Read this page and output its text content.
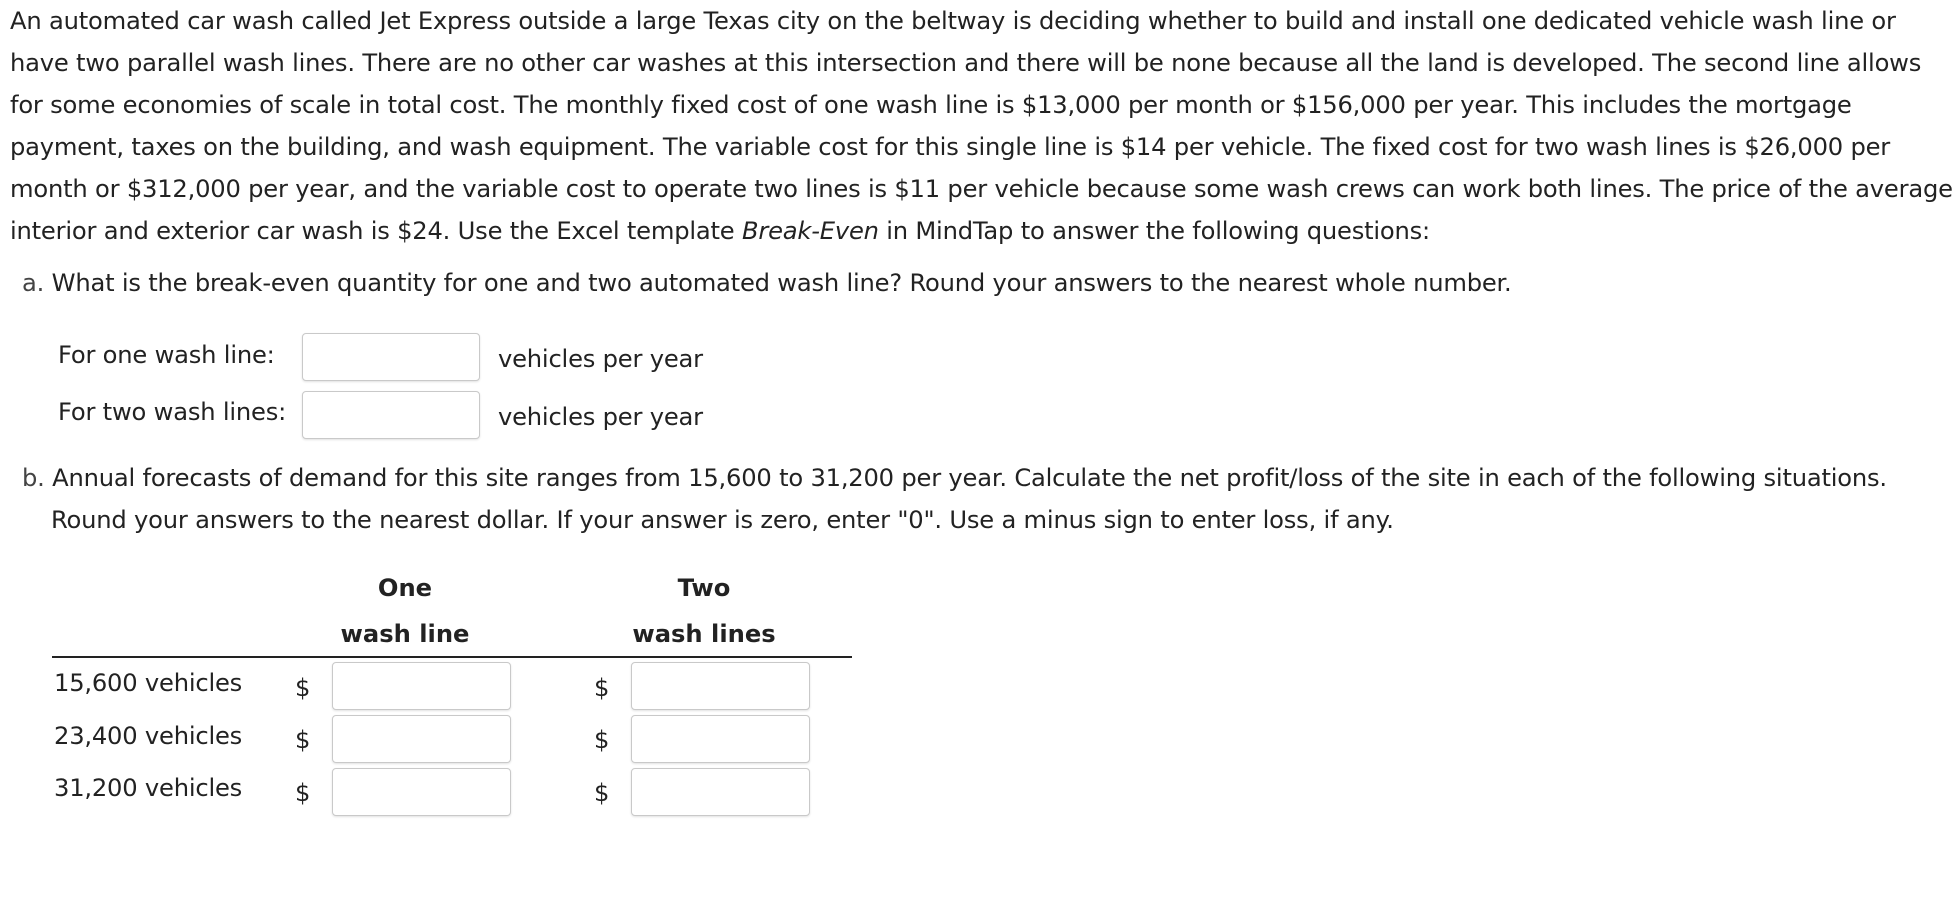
An automated car wash called Jet Express outside a large Texas city on the beltway is deciding whether to build and install one dedicated vehicle wash line or have two parallel wash lines. There are no other car washes at this intersection and there will be none because all the land is developed. The second line allows for some economies of scale in total cost. The monthly fixed cost of one wash line is $13,000 per month or $156,000 per year. This includes the mortgage payment, taxes on the building, and wash equipment. The variable cost for this single line is $14 per vehicle. The fixed cost for two wash lines is $26,000 per month or $312,000 per year, and the variable cost to operate two lines is $11 per vehicle because some wash crews can work both lines. The price of the average interior and exterior car wash is $24. Use the Excel template Break-Even in MindTap to answer the following questions:

a. What is the break-even quantity for one and two automated wash line? Round your answers to the nearest whole number.
For one wash line:	vehicles per year
For two wash lines:	vehicles per year
b. Annual forecasts of demand for this site ranges from 15,600 to 31,200 per year. Calculate the net profit/loss of the site in each of the following situations.
Round your answers to the nearest dollar. If your answer is zero, enter "0". Use a minus sign to enter loss, if any.
One
wash line
Two
wash lines
15,600 vehicles $	$
23,400 vehicles $	$
31,200 vehicles $	$
